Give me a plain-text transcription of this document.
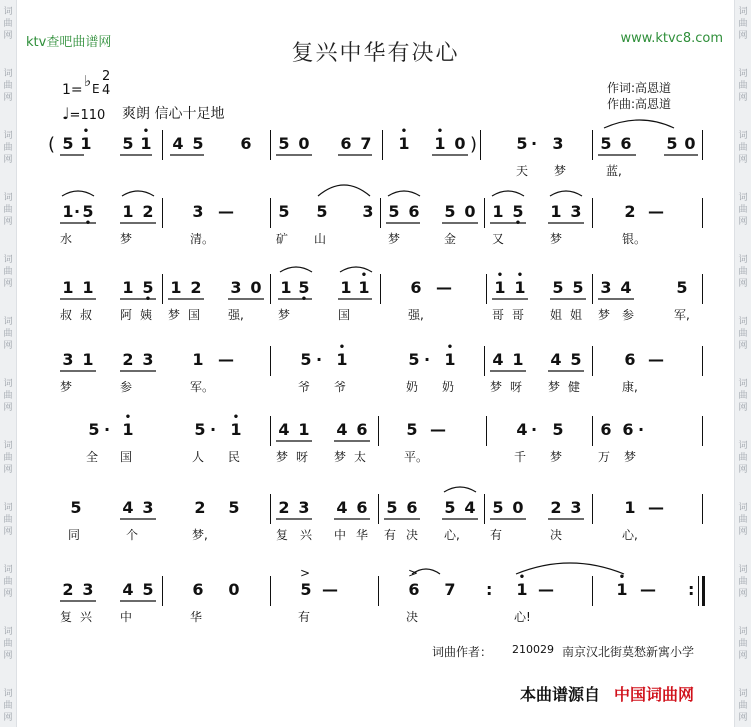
词
曲
网
词
曲
网
词
曲
网
词
曲
网
词
曲
网
词
曲
网
词
曲
网
词
曲
网
词
曲
网
词
曲
网
词
曲
网
词
曲
网
词
曲
网
词
曲
网
词
曲
网
词
曲
网
词
曲
网
词
曲
网
词
曲
网
词
曲
网
词
曲
网
词
曲
网
词
曲
网
词
曲
网
ktv查吧曲谱网	www.ktvc8.com
复兴中华有决心
1= ♭ E
2
4
♩=110 爽朗 信心十足地
作词:高恩道
作曲:高恩道
( 5 1
•
5 1
•
4 5 6 5 0 6 7 1
•
1
•
0 ) 5 · 3 5 6 5 0
天	梦	蓝,
1 · 5
•
1 2 3 —	5 5 3 5 6 5 0 1 5
•
1 3	2 —
水	梦	清。	矿	山	梦	金	又	梦	银。
1 1 1 5
•
1 2 3 0 1 5
•
1 1
•
6 —	1
•
1
•
5 5 3 4	5
叔 叔	阿 姨	梦 国	强,	梦	国	强,	哥 哥	姐 姐	梦 参	军,
3 1 2 3 1 —	5 · 1
•
5 · 1
•
4 1 4 5	6 —
梦	参	军。	爷	爷	奶	奶	梦 呀	梦 健	康,
5 · 1
•
5 · 1
•
4 1 4 6 5 —	4 · 5 6 6 ·
全	国	人	民	梦 呀	梦 太	平。	千	梦	万	梦
5	4 3	2 5 2 3 4 6 5 6 5 4 5 0 2 3	1 —
同	个	梦,	复 兴	中 华	有 决	心,	有	决	心,
2 3 4 5 6 0
>
5 —
>
6 7 : 1
•
—	1
•
— :
复 兴	中	华	有	决	心!
词曲作者： 210029 南京汉北街莫愁新寓小学
本曲谱源自 中国词曲网
